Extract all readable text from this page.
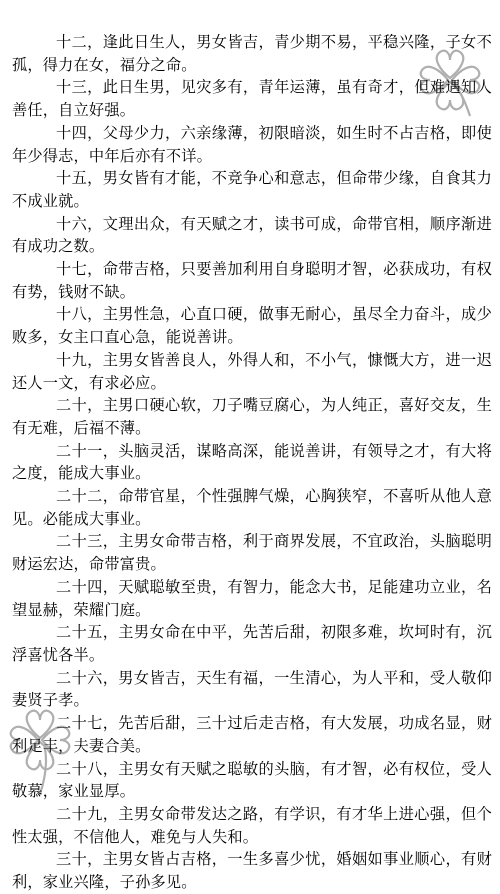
十二，逢此日生人，男女皆吉，青少期不易，平稳兴隆，子女不孤，得力在女，福分之命。

十三，此日生男，见灾多有，青年运薄，虽有奇才，但难遇知人善任，自立好强。

十四，父母少力，六亲缘薄，初限暗淡，如生时不占吉格，即使年少得志，中年后亦有不详。

十五，男女皆有才能，不竞争心和意志，但命带少缘，自食其力不成业就。

十六，文理出众，有天赋之才，读书可成，命带官相，顺序渐进有成功之数。

十七，命带吉格，只要善加利用自身聪明才智，必获成功，有权有势，钱财不缺。

十八，主男性急，心直口硬，做事无耐心，虽尽全力奋斗，成少败多，女主口直心急，能说善讲。

十九，主男女皆善良人，外得人和，不小气，慷慨大方，进一迟还人一文，有求必应。

二十，主男口硬心软，刀子嘴豆腐心，为人纯正，喜好交友，生有无难，后福不薄。

二十一，头脑灵活，谋略高深，能说善讲，有领导之才，有大将之度，能成大事业。

二十二，命带官星，个性强脾气燥，心胸狭窄，不喜听从他人意见。必能成大事业。

二十三，主男女命带吉格，利于商界发展，不宜政治，头脑聪明财运宏达，命带富贵。

二十四，天赋聪敏至贵，有智力，能念大书，足能建功立业，名望显赫，荣耀门庭。

二十五，主男女命在中平，先苦后甜，初限多难，坎坷时有，沉浮喜忧各半。

二十六，男女皆吉，天生有福，一生清心，为人平和，受人敬仰妻贤子孝。

二十七，先苦后甜，三十过后走吉格，有大发展，功成名显，财利足丰，夫妻合美。

二十八，主男女有天赋之聪敏的头脑，有才智，必有权位，受人敬慕，家业显厚。

二十九，主男女命带发达之路，有学识，有才华上进心强，但个性太强，不信他人，难免与人失和。

三十，主男女皆占吉格，一生多喜少忧，婚姻如事业顺心，有财利，家业兴隆，子孙多见。
